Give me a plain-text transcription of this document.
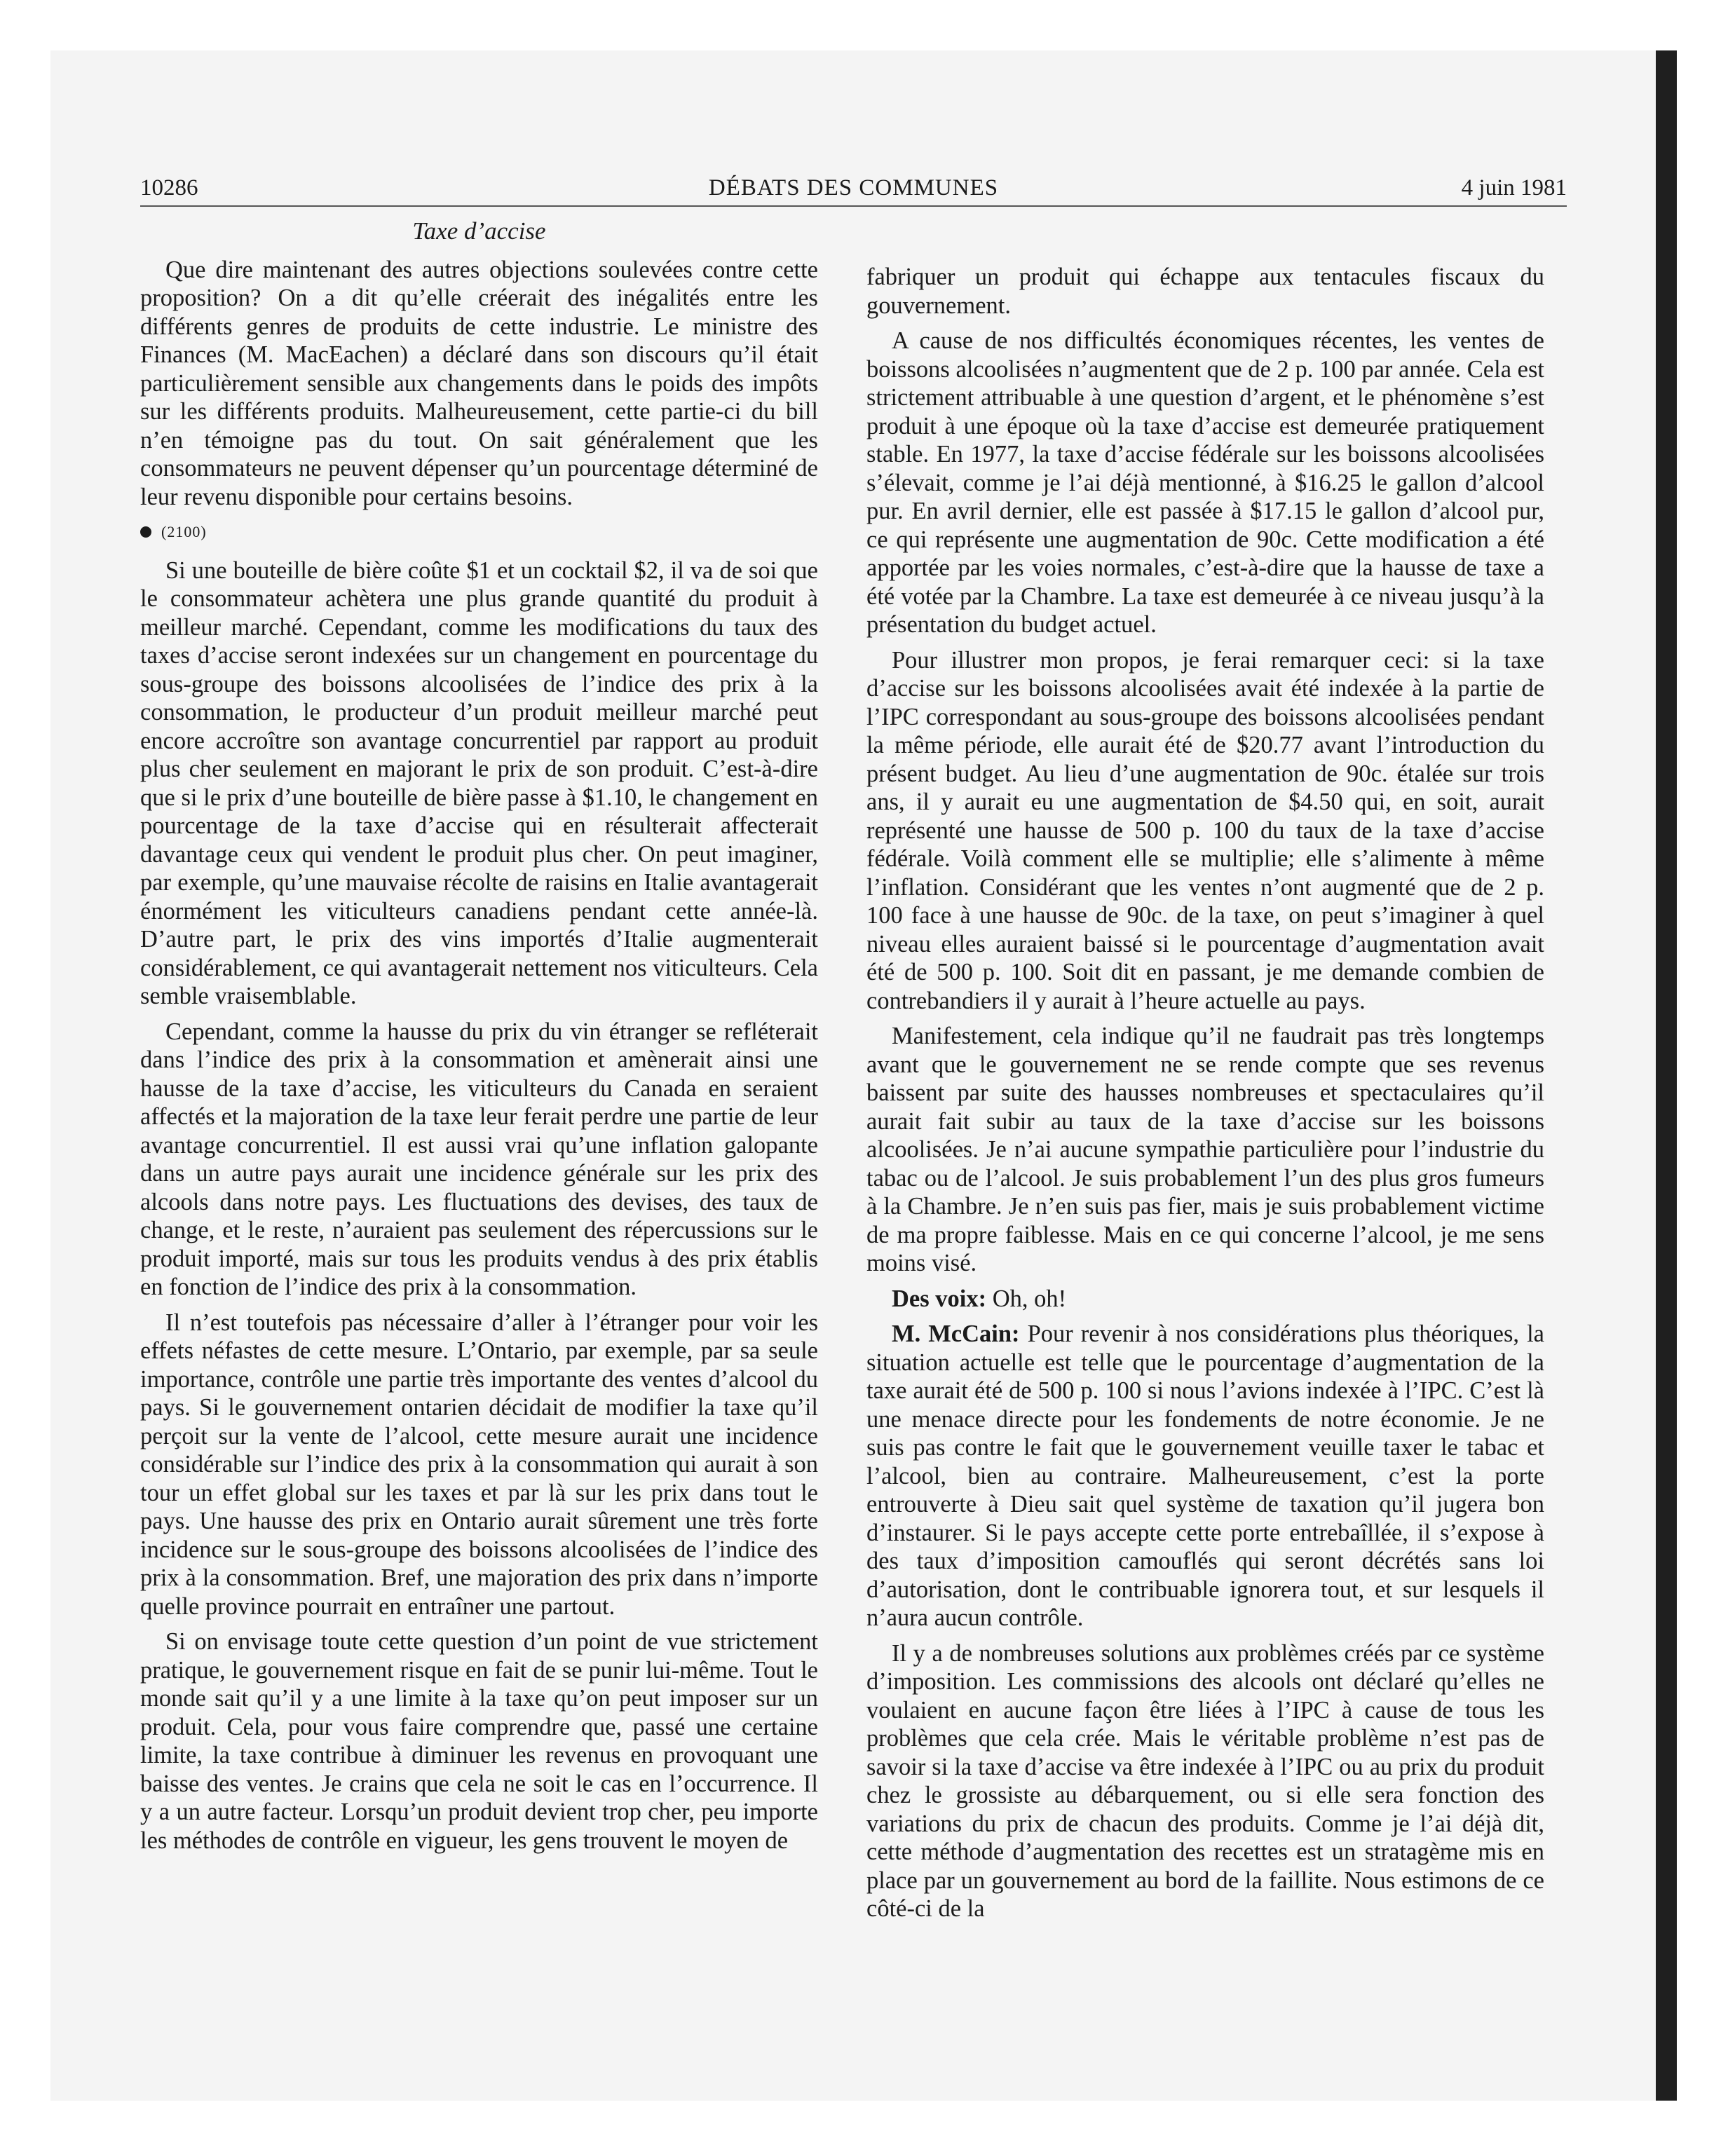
10286	DÉBATS DES COMMUNES	4 juin 1981
Taxe d’accise

Que dire maintenant des autres objections soulevées contre cette proposition? On a dit qu’elle créerait des inégalités entre les différents genres de produits de cette industrie. Le ministre des Finances (M. MacEachen) a déclaré dans son discours qu’il était particulièrement sensible aux changements dans le poids des impôts sur les différents produits. Malheureusement, cette partie-ci du bill n’en témoigne pas du tout. On sait généralement que les consommateurs ne peuvent dépenser qu’un pourcentage déterminé de leur revenu disponible pour certains besoins.

(2100)

Si une bouteille de bière coûte $1 et un cocktail $2, il va de soi que le consommateur achètera une plus grande quantité du produit à meilleur marché. Cependant, comme les modifications du taux des taxes d’accise seront indexées sur un changement en pourcentage du sous-groupe des boissons alcoolisées de l’indice des prix à la consommation, le producteur d’un produit meilleur marché peut encore accroître son avantage concurrentiel par rapport au produit plus cher seulement en majorant le prix de son produit. C’est-à-dire que si le prix d’une bouteille de bière passe à $1.10, le changement en pourcentage de la taxe d’accise qui en résulterait affecterait davantage ceux qui vendent le produit plus cher. On peut imaginer, par exemple, qu’une mauvaise récolte de raisins en Italie avantagerait énormément les viticulteurs canadiens pendant cette année-là. D’autre part, le prix des vins importés d’Italie augmenterait considérablement, ce qui avantagerait nettement nos viticulteurs. Cela semble vraisemblable.

Cependant, comme la hausse du prix du vin étranger se refléterait dans l’indice des prix à la consommation et amènerait ainsi une hausse de la taxe d’accise, les viticulteurs du Canada en seraient affectés et la majoration de la taxe leur ferait perdre une partie de leur avantage concurrentiel. Il est aussi vrai qu’une inflation galopante dans un autre pays aurait une incidence générale sur les prix des alcools dans notre pays. Les fluctuations des devises, des taux de change, et le reste, n’auraient pas seulement des répercussions sur le produit importé, mais sur tous les produits vendus à des prix établis en fonction de l’indice des prix à la consommation.

Il n’est toutefois pas nécessaire d’aller à l’étranger pour voir les effets néfastes de cette mesure. L’Ontario, par exemple, par sa seule importance, contrôle une partie très importante des ventes d’alcool du pays. Si le gouvernement ontarien décidait de modifier la taxe qu’il perçoit sur la vente de l’alcool, cette mesure aurait une incidence considérable sur l’indice des prix à la consommation qui aurait à son tour un effet global sur les taxes et par là sur les prix dans tout le pays. Une hausse des prix en Ontario aurait sûrement une très forte incidence sur le sous-groupe des boissons alcoolisées de l’indice des prix à la consommation. Bref, une majoration des prix dans n’importe quelle province pourrait en entraîner une partout.

Si on envisage toute cette question d’un point de vue strictement pratique, le gouvernement risque en fait de se punir lui-même. Tout le monde sait qu’il y a une limite à la taxe qu’on peut imposer sur un produit. Cela, pour vous faire comprendre que, passé une certaine limite, la taxe contribue à diminuer les revenus en provoquant une baisse des ventes. Je crains que cela ne soit le cas en l’occurrence. Il y a un autre facteur. Lorsqu’un produit devient trop cher, peu importe les méthodes de contrôle en vigueur, les gens trouvent le moyen de

fabriquer un produit qui échappe aux tentacules fiscaux du gouvernement.

A cause de nos difficultés économiques récentes, les ventes de boissons alcoolisées n’augmentent que de 2 p. 100 par année. Cela est strictement attribuable à une question d’argent, et le phénomène s’est produit à une époque où la taxe d’accise est demeurée pratiquement stable. En 1977, la taxe d’accise fédérale sur les boissons alcoolisées s’élevait, comme je l’ai déjà mentionné, à $16.25 le gallon d’alcool pur. En avril dernier, elle est passée à $17.15 le gallon d’alcool pur, ce qui représente une augmentation de 90c. Cette modification a été apportée par les voies normales, c’est-à-dire que la hausse de taxe a été votée par la Chambre. La taxe est demeurée à ce niveau jusqu’à la présentation du budget actuel.

Pour illustrer mon propos, je ferai remarquer ceci: si la taxe d’accise sur les boissons alcoolisées avait été indexée à la partie de l’IPC correspondant au sous-groupe des boissons alcoolisées pendant la même période, elle aurait été de $20.77 avant l’introduction du présent budget. Au lieu d’une augmentation de 90c. étalée sur trois ans, il y aurait eu une augmentation de $4.50 qui, en soit, aurait représenté une hausse de 500 p. 100 du taux de la taxe d’accise fédérale. Voilà comment elle se multiplie; elle s’alimente à même l’inflation. Considérant que les ventes n’ont augmenté que de 2 p. 100 face à une hausse de 90c. de la taxe, on peut s’imaginer à quel niveau elles auraient baissé si le pourcentage d’augmentation avait été de 500 p. 100. Soit dit en passant, je me demande combien de contrebandiers il y aurait à l’heure actuelle au pays.

Manifestement, cela indique qu’il ne faudrait pas très longtemps avant que le gouvernement ne se rende compte que ses revenus baissent par suite des hausses nombreuses et spectaculaires qu’il aurait fait subir au taux de la taxe d’accise sur les boissons alcoolisées. Je n’ai aucune sympathie particulière pour l’industrie du tabac ou de l’alcool. Je suis probablement l’un des plus gros fumeurs à la Chambre. Je n’en suis pas fier, mais je suis probablement victime de ma propre faiblesse. Mais en ce qui concerne l’alcool, je me sens moins visé.

Des voix: Oh, oh!

M. McCain: Pour revenir à nos considérations plus théoriques, la situation actuelle est telle que le pourcentage d’augmentation de la taxe aurait été de 500 p. 100 si nous l’avions indexée à l’IPC. C’est là une menace directe pour les fondements de notre économie. Je ne suis pas contre le fait que le gouvernement veuille taxer le tabac et l’alcool, bien au contraire. Malheureusement, c’est la porte entrouverte à Dieu sait quel système de taxation qu’il jugera bon d’instaurer. Si le pays accepte cette porte entrebaîllée, il s’expose à des taux d’imposition camouflés qui seront décrétés sans loi d’autorisation, dont le contribuable ignorera tout, et sur lesquels il n’aura aucun contrôle.

Il y a de nombreuses solutions aux problèmes créés par ce système d’imposition. Les commissions des alcools ont déclaré qu’elles ne voulaient en aucune façon être liées à l’IPC à cause de tous les problèmes que cela crée. Mais le véritable problème n’est pas de savoir si la taxe d’accise va être indexée à l’IPC ou au prix du produit chez le grossiste au débarquement, ou si elle sera fonction des variations du prix de chacun des produits. Comme je l’ai déjà dit, cette méthode d’augmentation des recettes est un stratagème mis en place par un gouvernement au bord de la faillite. Nous estimons de ce côté-ci de la
